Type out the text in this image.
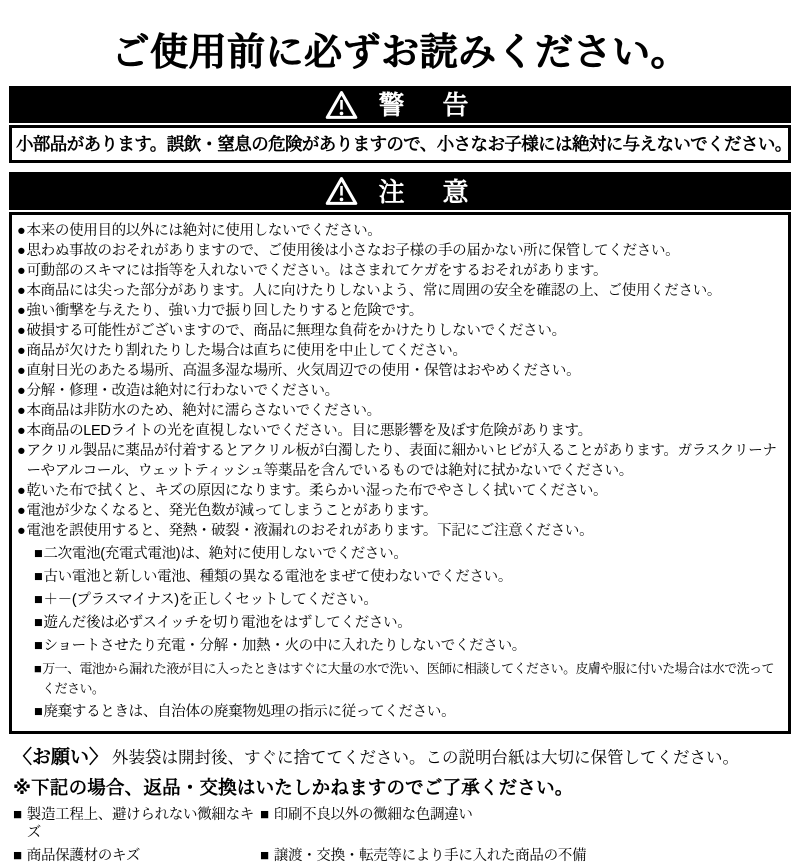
ご使用前に必ずお読みください。
警　告
小部品があります。誤飲・窒息の危険がありますので、小さなお子様には絶対に与えないでください。
注　意
● 本来の使用目的以外には絶対に使用しないでください。
● 思わぬ事故のおそれがありますので、ご使用後は小さなお子様の手の届かない所に保管してください。
● 可動部のスキマには指等を入れないでください。はさまれてケガをするおそれがあります。
● 本商品には尖った部分があります。人に向けたりしないよう、常に周囲の安全を確認の上、ご使用ください。
● 強い衝撃を与えたり、強い力で振り回したりすると危険です。
● 破損する可能性がございますので、商品に無理な負荷をかけたりしないでください。
● 商品が欠けたり割れたりした場合は直ちに使用を中止してください。
● 直射日光のあたる場所、高温多湿な場所、火気周辺での使用・保管はおやめください。
● 分解・修理・改造は絶対に行わないでください。
● 本商品は非防水のため、絶対に濡らさないでください。
● 本商品のLEDライトの光を直視しないでください。目に悪影響を及ぼす危険があります。
● アクリル製品に薬品が付着するとアクリル板が白濁したり、表面に細かいヒビが入ることがあります。ガラスクリーナーやアルコール、ウェットティッシュ等薬品を含んでいるものでは絶対に拭かないでください。
● 乾いた布で拭くと、キズの原因になります。柔らかい湿った布でやさしく拭いてください。
● 電池が少なくなると、発光色数が減ってしまうことがあります。
● 電池を誤使用すると、発熱・破裂・液漏れのおそれがあります。下記にご注意ください。
■ 二次電池(充電式電池)は、絶対に使用しないでください。
■ 古い電池と新しい電池、種類の異なる電池をまぜて使わないでください。
■ ＋－(プラスマイナス)を正しくセットしてください。
■ 遊んだ後は必ずスイッチを切り電池をはずしてください。
■ ショートさせたり充電・分解・加熱・火の中に入れたりしないでください。
■ 万一、電池から漏れた液が目に入ったときはすぐに大量の水で洗い、医師に相談してください。皮膚や服に付いた場合は水で洗ってください。
■ 廃棄するときは、自治体の廃棄物処理の指示に従ってください。
〈お願い〉 外装袋は開封後、すぐに捨ててください。この説明台紙は大切に保管してください。
※下記の場合、返品・交換はいたしかねますのでご了承ください。
■ 製造工程上、避けられない微細なキズ
■ 印刷不良以外の微細な色調違い
■ 商品保護材のキズ	■ 譲渡・交換・転売等により手に入れた商品の不備
